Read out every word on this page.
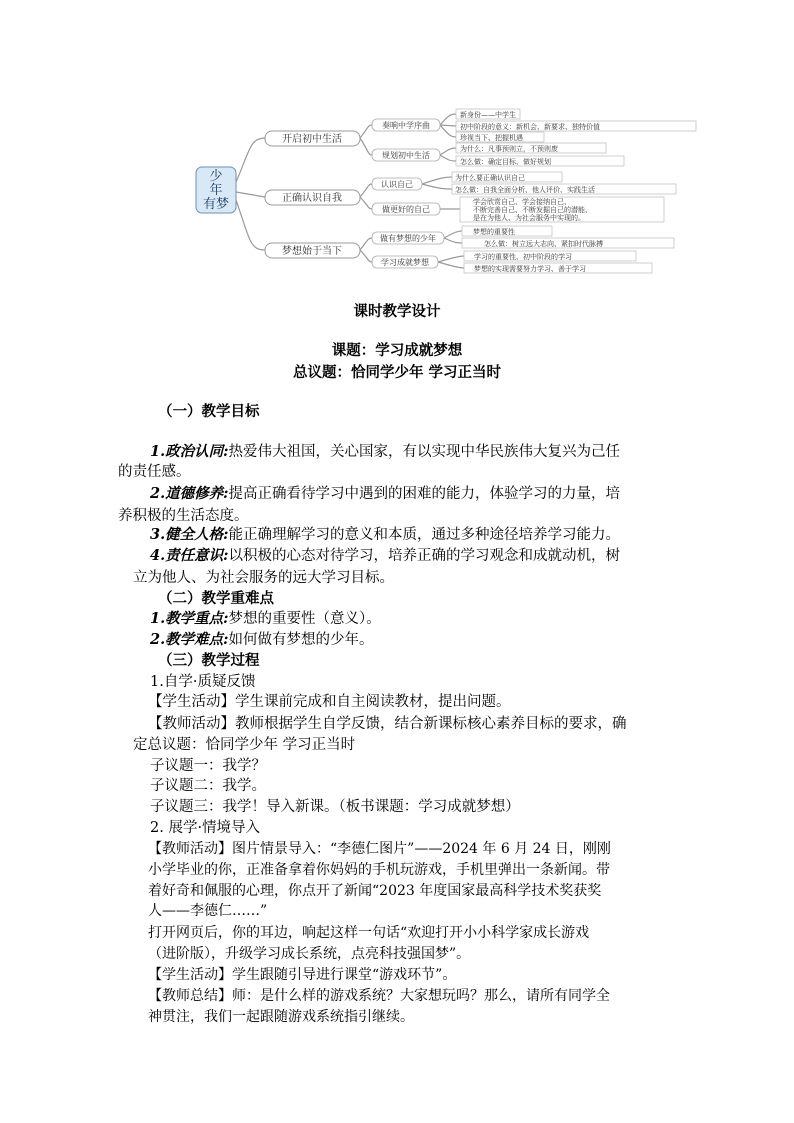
少
年
有梦
开启初中生活
正确认识自我
梦想始于当下
奏响中学序曲
规划初中生活
认识自己
做更好的自己
做有梦想的少年
学习成就梦想
新身份——中学生
初中阶段的意义：新机会、新要求、独特价值
珍视当下、把握机遇
为什么：凡事预则立，不预则废
怎么做：确定目标、做好规划
为什么要正确认识自己
怎么做：自我全面分析、他人评价、实践生活
学会欣赏自己、学会接纳自己、
不断完善自己、不断发掘自己的潜能、
是在为他人、为社会服务中实现的。
梦想的重要性
怎么做：树立远大志向、紧扣时代脉搏
学习的重要性、初中阶段的学习
梦想的实现需要努力学习、善于学习
课时教学设计
课题：学习成就梦想
总议题：恰同学少年 学习正当时
（一）教学目标
1.政治认同:热爱伟大祖国，关心国家，有以实现中华民族伟大复兴为己任
的责任感。
2.道德修养:提高正确看待学习中遇到的困难的能力，体验学习的力量，培
养积极的生活态度。
3.健全人格:能正确理解学习的意义和本质，通过多种途径培养学习能力。
4.责任意识:以积极的心态对待学习，培养正确的学习观念和成就动机，树
立为他人、为社会服务的远大学习目标。
（二）教学重难点
1.教学重点:梦想的重要性（意义）。
2.教学难点:如何做有梦想的少年。
（三）教学过程
1.自学·质疑反馈
【学生活动】学生课前完成和自主阅读教材，提出问题。
【教师活动】教师根据学生自学反馈，结合新课标核心素养目标的要求，确
定总议题：恰同学少年 学习正当时
子议题一：我学？
子议题二：我学。
子议题三：我学！导入新课。（板书课题：学习成就梦想）
2. 展学·情境导入
【教师活动】图片情景导入：“李德仁图片”——2024 年 6 月 24 日，刚刚
小学毕业的你，正准备拿着你妈妈的手机玩游戏，手机里弹出一条新闻。带
着好奇和佩服的心理，你点开了新闻“2023 年度国家最高科学技术奖获奖
人——李德仁……”
打开网页后，你的耳边，响起这样一句话“欢迎打开小小科学家成长游戏
（进阶版），升级学习成长系统，点亮科技强国梦”。
【学生活动】学生跟随引导进行课堂“游戏环节”。
【教师总结】师：是什么样的游戏系统？大家想玩吗？那么，请所有同学全
神贯注，我们一起跟随游戏系统指引继续。
